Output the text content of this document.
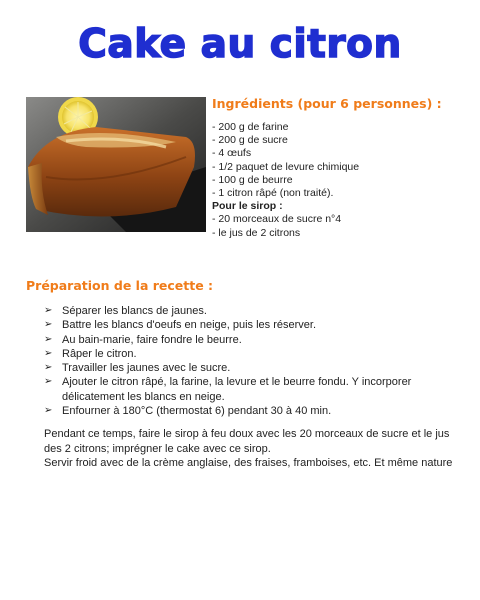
Cake au citron
Ingrédients (pour 6 personnes) :
- 200 g de farine
- 200 g de sucre
- 4 œufs
- 1/2 paquet de levure chimique
- 100 g de beurre
- 1 citron râpé (non traité).
Pour le sirop :
- 20 morceaux de sucre n°4
- le jus de 2 citrons
Préparation de la recette :
➢ Séparer les blancs de jaunes.
➢ Battre les blancs d'oeufs en neige, puis les réserver.
➢ Au bain-marie, faire fondre le beurre.
➢ Râper le citron.
➢ Travailler les jaunes avec le sucre.
➢ Ajouter le citron râpé, la farine, la levure et le beurre fondu. Y incorporer délicatement les blancs en neige.
➢ Enfourner à 180°C (thermostat 6) pendant 30 à 40 min.
Pendant ce temps, faire le sirop à feu doux avec les 20 morceaux de sucre et le jus des 2 citrons; imprégner le cake avec ce sirop.
Servir froid avec de la crème anglaise, des fraises, framboises, etc. Et même nature
